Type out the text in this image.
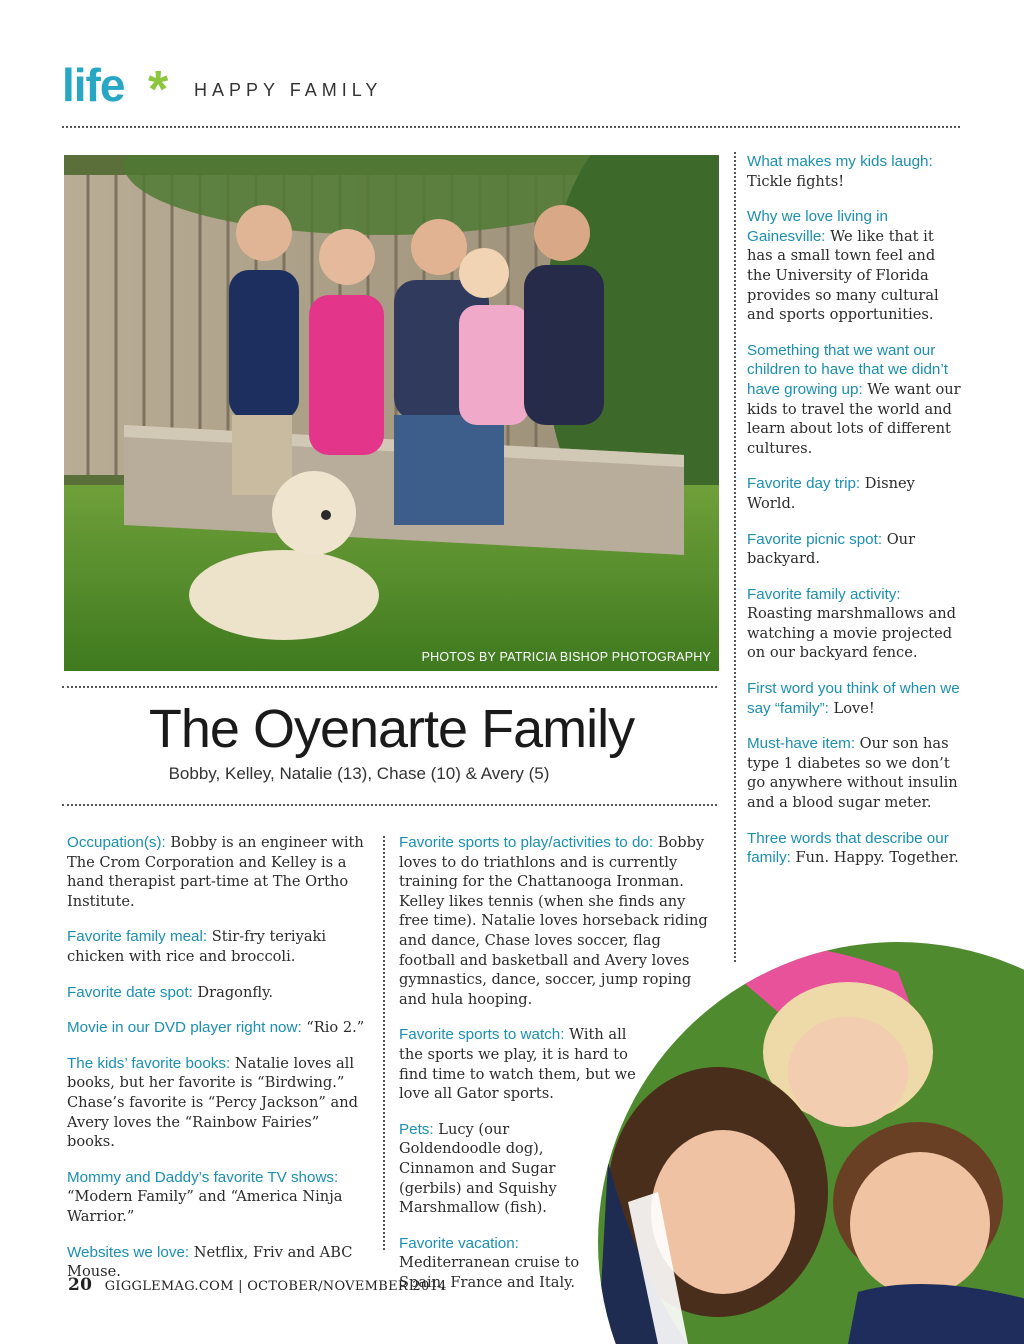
life * HAPPY FAMILY
PHOTOS BY PATRICIA BISHOP PHOTOGRAPHY
The Oyenarte Family
Bobby, Kelley, Natalie (13), Chase (10) & Avery (5)

Occupation(s): Bobby is an engineer with The Crom Corporation and Kelley is a hand therapist part-time at The Ortho Institute.

Favorite family meal: Stir-fry teriyaki chicken with rice and broccoli.

Favorite date spot: Dragonfly.

Movie in our DVD player right now: “Rio 2.”

The kids’ favorite books: Natalie loves all books, but her favorite is “Birdwing.” Chase’s favorite is “Percy Jackson” and Avery loves the “Rainbow Fairies” books.

Mommy and Daddy’s favorite TV shows: “Modern Family” and “America Ninja Warrior.”

Websites we love: Netflix, Friv and ABC Mouse.

Favorite sports to play/activities to do: Bobby loves to do triathlons and is currently training for the Chattanooga Ironman. Kelley likes tennis (when she finds any free time). Natalie loves horseback riding and dance, Chase loves soccer, flag football and basketball and Avery loves gymnastics, dance, soccer, jump roping and hula hooping.

Favorite sports to watch: With all the sports we play, it is hard to find time to watch them, but we love all Gator sports.

Pets: Lucy (our Goldendoodle dog), Cinnamon and Sugar (gerbils) and Squishy Marshmallow (fish).

Favorite vacation:
Mediterranean cruise to Spain, France and Italy.

What makes my kids laugh:
Tickle fights!

Why we love living in Gainesville: We like that it has a small town feel and the University of Florida provides so many cultural and sports opportunities.

Something that we want our children to have that we didn’t have growing up: We want our kids to travel the world and learn about lots of different cultures.

Favorite day trip: Disney World.

Favorite picnic spot: Our backyard.

Favorite family activity:
Roasting marshmallows and watching a movie projected on our backyard fence.

First word you think of when we say “family”: Love!

Must-have item: Our son has type 1 diabetes so we don’t go anywhere without insulin and a blood sugar meter.

Three words that describe our family: Fun. Happy. Together.

20 GIGGLEMAG.COM | OCTOBER/NOVEMBER 2014
